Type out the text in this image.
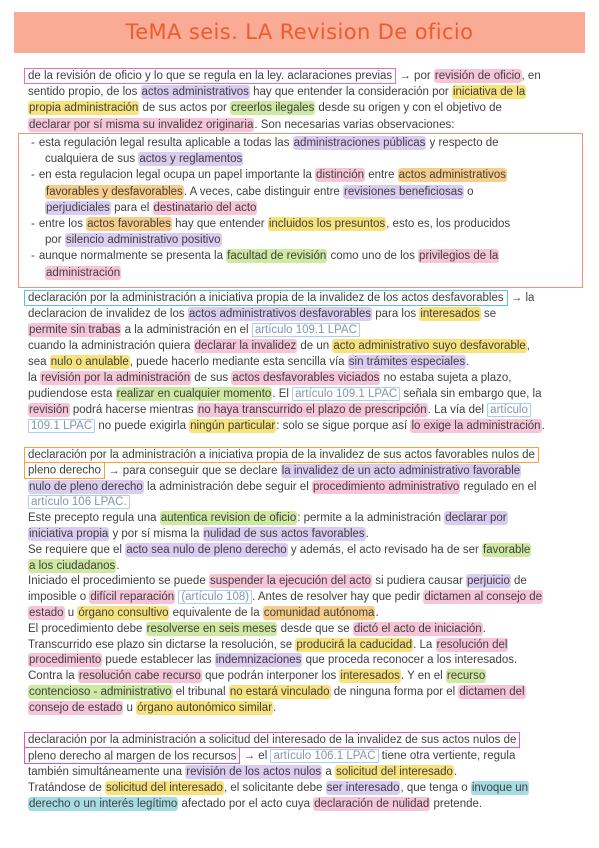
TeMA seis. LA Revision De oficio
de la revisión de oficio y lo que se regula en la ley. aclaraciones previas → por revisión de oficio, en
sentido propio, de los actos administrativos hay que entender la consideración por iniciativa de la
propia administración de sus actos por creerlos ilegales desde su origen y con el objetivo de
declarar por sí misma su invalidez originaria. Son necesarias varias observaciones:
- esta regulación legal resulta aplicable a todas las administraciones públicas y respecto de
cualquiera de sus actos y reglamentos
- en esta regulacion legal ocupa un papel importante la distinción entre actos administrativos
favorables y desfavorables. A veces, cabe distinguir entre revisiones beneficiosas o
perjudiciales para el destinatario del acto
- entre los actos favorables hay que entender incluidos los presuntos, esto es, los producidos
por silencio administrativo positivo
- aunque normalmente se presenta la facultad de revisión como uno de los privilegios de la
administración
declaración por la administración a iniciativa propia de la invalidez de los actos desfavorables → la
declaracion de invalidez de los actos administrativos desfavorables para los interesados se
permite sin trabas a la administración en el artículo 109.1 LPAC
cuando la administración quiera declarar la invalidez de un acto administrativo suyo desfavorable,
sea nulo o anulable, puede hacerlo mediante esta sencilla vía sin trámites especiales.
la revisión por la administración de sus actos desfavorables viciados no estaba sujeta a plazo,
pudiendose esta realizar en cualquier momento. El artículo 109.1 LPAC señala sin embargo que, la
revisión podrá hacerse mientras no haya transcurrido el plazo de prescripción. La vía del artículo
109.1 LPAC no puede exigirla ningún particular: solo se sigue porque así lo exige la administración.
declaración por la administración a iniciativa propia de la invalidez de sus actos favorables nulos de
pleno derecho → para conseguir que se declare la invalidez de un acto administrativo favorable
nulo de pleno derecho la administración debe seguir el procedimiento administrativo regulado en el
artículo 106 LPAC.
Este precepto regula una autentica revision de oficio: permite a la administración declarar por
iniciativa propia y por sí misma la nulidad de sus actos favorables.
Se requiere que el acto sea nulo de pleno derecho y además, el acto revisado ha de ser favorable
a los ciudadanos.
Iniciado el procedimiento se puede suspender la ejecución del acto si pudiera causar perjuicio de
imposible o difícil reparación (artículo 108) . Antes de resolver hay que pedir dictamen al consejo de
estado u órgano consultivo equivalente de la comunidad autónoma.
El procedimiento debe resolverse en seis meses desde que se dictó el acto de iniciación.
Transcurrido ese plazo sin dictarse la resolución, se producirá la caducidad. La resolución del
procedimiento puede establecer las indemnizaciones que proceda reconocer a los interesados.
Contra la resolución cabe recurso que podrán interponer los interesados. Y en el recurso
contencioso - administrativo el tribunal no estará vinculado de ninguna forma por el dictamen del
consejo de estado u órgano autonómico similar.
declaración por la administración a solicitud del interesado de la invalidez de sus actos nulos de
pleno derecho al margen de los recursos → el artículo 106.1 LPAC tiene otra vertiente, regula
también simultáneamente una revisión de los actos nulos a solicitud del interesado.
Tratándose de solicitud del interesado, el solicitante debe ser interesado, que tenga o invoque un
derecho o un interés legítimo afectado por el acto cuya declaración de nulidad pretende.
